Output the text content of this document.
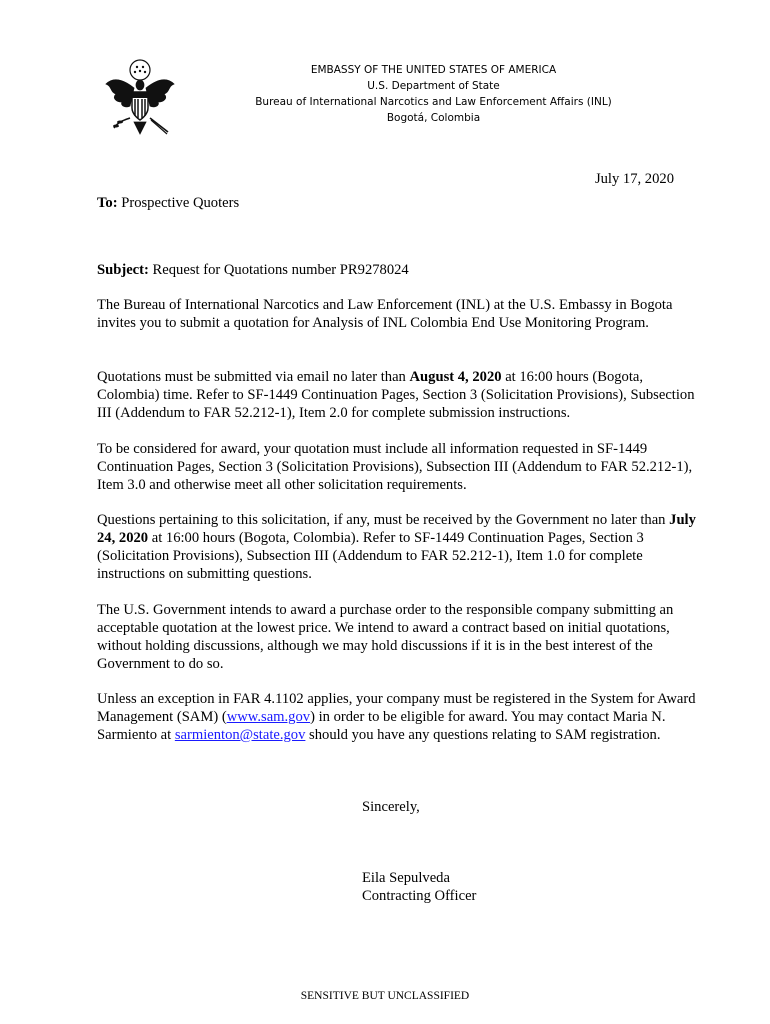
EMBASSY OF THE UNITED STATES OF AMERICA
U.S. Department of State
Bureau of International Narcotics and Law Enforcement Affairs (INL)
Bogotá, Colombia
July 17, 2020

To: Prospective Quoters

Subject: Request for Quotations number PR9278024

The Bureau of International Narcotics and Law Enforcement (INL) at the U.S. Embassy in Bogota invites you to submit a quotation for Analysis of INL Colombia End Use Monitoring Program.

Quotations must be submitted via email no later than August 4, 2020 at 16:00 hours (Bogota, Colombia) time. Refer to SF-1449 Continuation Pages, Section 3 (Solicitation Provisions), Subsection III (Addendum to FAR 52.212-1), Item 2.0 for complete submission instructions.

To be considered for award, your quotation must include all information requested in SF-1449 Continuation Pages, Section 3 (Solicitation Provisions), Subsection III (Addendum to FAR 52.212-1), Item 3.0 and otherwise meet all other solicitation requirements.

Questions pertaining to this solicitation, if any, must be received by the Government no later than July 24, 2020 at 16:00 hours (Bogota, Colombia). Refer to SF-1449 Continuation Pages, Section 3 (Solicitation Provisions), Subsection III (Addendum to FAR 52.212-1), Item 1.0 for complete instructions on submitting questions.

The U.S. Government intends to award a purchase order to the responsible company submitting an acceptable quotation at the lowest price. We intend to award a contract based on initial quotations, without holding discussions, although we may hold discussions if it is in the best interest of the Government to do so.

Unless an exception in FAR 4.1102 applies, your company must be registered in the System for Award Management (SAM) (www.sam.gov) in order to be eligible for award. You may contact Maria N. Sarmiento at sarmienton@state.gov should you have any questions relating to SAM registration.

Sincerely,
Eila Sepulveda
Contracting Officer
SENSITIVE BUT UNCLASSIFIED
